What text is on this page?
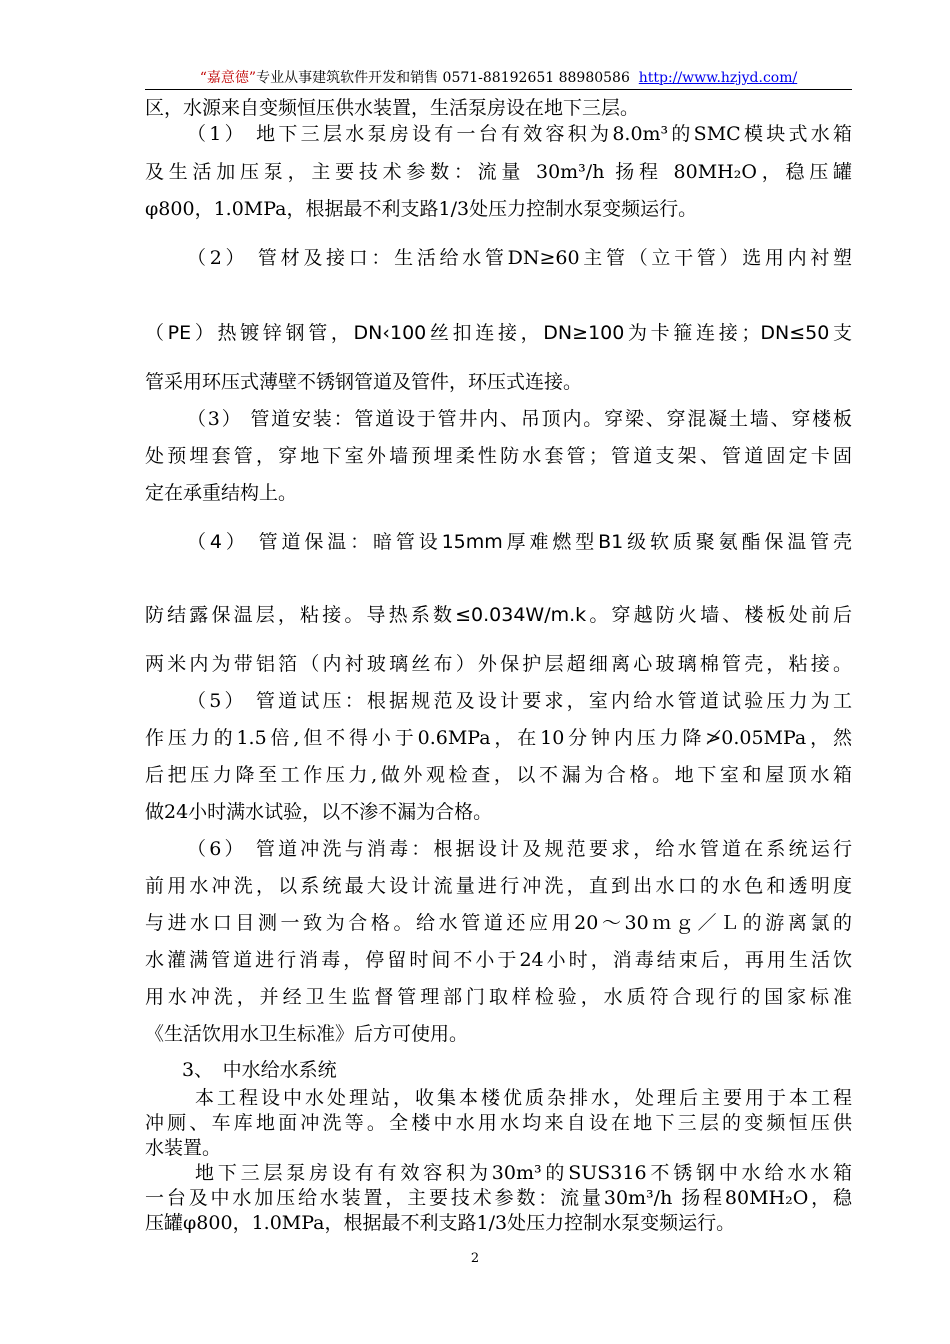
“嘉意德”专业从事建筑软件开发和销售 0571-88192651 88980586 http://www.hzjyd.com/
区，水源来自变频恒压供水装置，生活泵房设在地下三层。
（1） 地下三层水泵房设有一台有效容积为8.0m³的SMC模块式水箱
及生活加压泵，主要技术参数：流量 30m³/h 扬程 80MH₂O，稳压罐
φ800，1.0MPa，根据最不利支路1/3处压力控制水泵变频运行。
（2） 管材及接口：生活给水管DN≥60主管（立干管）选用内衬塑
（PE）热镀锌钢管，DN‹100丝扣连接，DN≥100为卡箍连接；DN≤50支
管采用环压式薄壁不锈钢管道及管件，环压式连接。
（3） 管道安装：管道设于管井内、吊顶内。穿梁、穿混凝土墙、穿楼板
处预埋套管，穿地下室外墙预埋柔性防水套管；管道支架、管道固定卡固
定在承重结构上。
（4） 管道保温：暗管设15mm厚难燃型B1级软质聚氨酯保温管壳
防结露保温层，粘接。导热系数≤0.034W/m.k。穿越防火墙、楼板处前后
两米内为带铝箔（内衬玻璃丝布）外保护层超细离心玻璃棉管壳，粘接。
（5） 管道试压：根据规范及设计要求，室内给水管道试验压力为工
作压力的1.5倍,但不得小于0.6MPa，在10分钟内压力降≯0.05MPa，然
后把压力降至工作压力,做外观检查，以不漏为合格。地下室和屋顶水箱
做24小时满水试验，以不渗不漏为合格。
（6） 管道冲洗与消毒：根据设计及规范要求，给水管道在系统运行
前用水冲洗，以系统最大设计流量进行冲洗，直到出水口的水色和透明度
与进水口目测一致为合格。给水管道还应用20～30ｍｇ／Ｌ的游离氯的
水灌满管道进行消毒，停留时间不小于24小时，消毒结束后，再用生活饮
用水冲洗，并经卫生监督管理部门取样检验，水质符合现行的国家标准
《生活饮用水卫生标准》后方可使用。
3、　中水给水系统
本工程设中水处理站，收集本楼优质杂排水，处理后主要用于本工程
冲厕、车库地面冲洗等。全楼中水用水均来自设在地下三层的变频恒压供
水装置。
地下三层泵房设有有效容积为30m³的SUS316不锈钢中水给水水箱
一台及中水加压给水装置，主要技术参数：流量30m³/h 扬程80MH₂O，稳
压罐φ800，1.0MPa，根据最不利支路1/3处压力控制水泵变频运行。
2
